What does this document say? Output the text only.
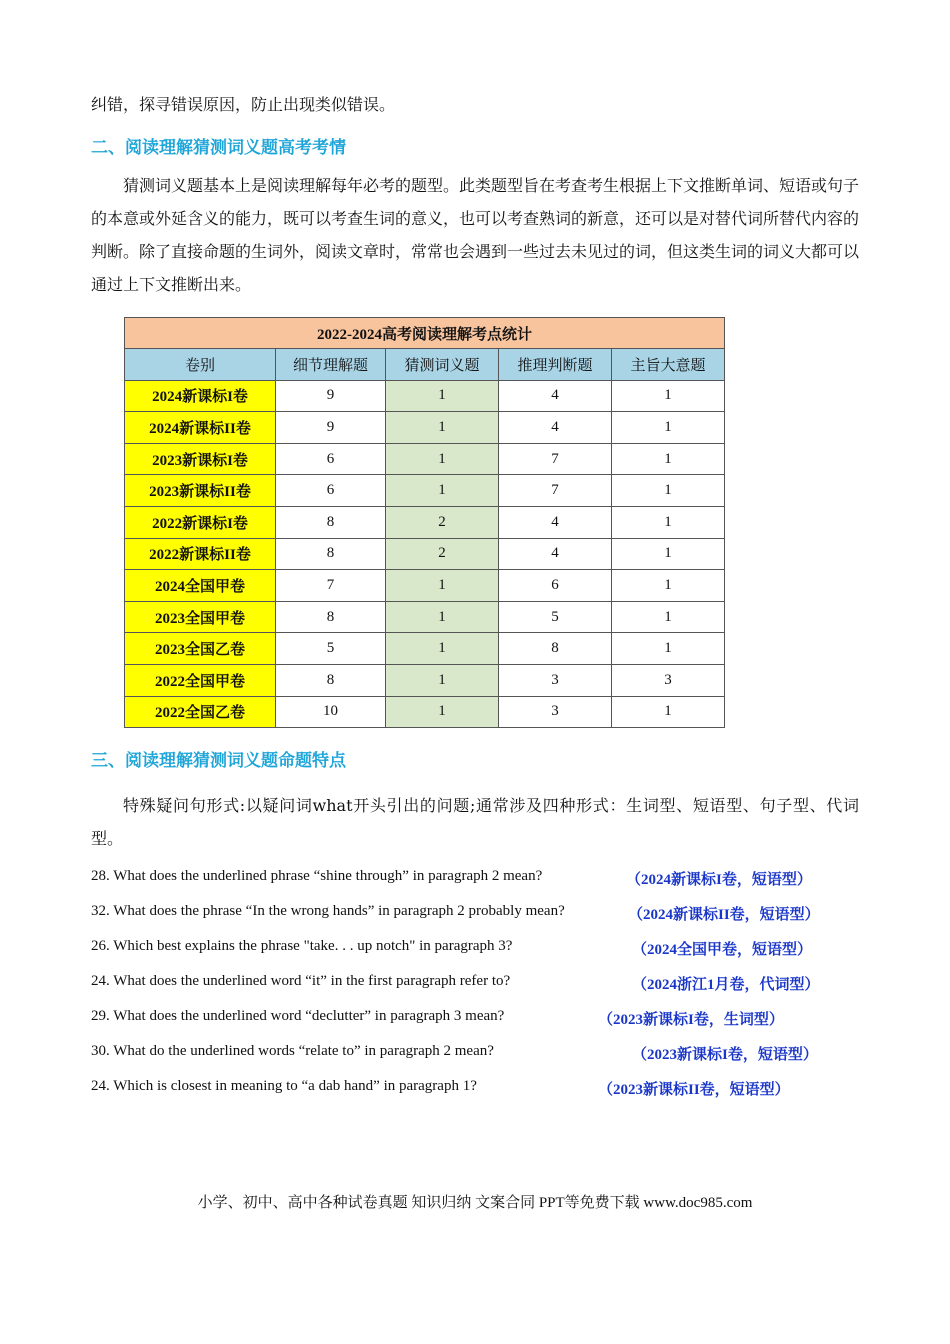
纠错，探寻错误原因，防止出现类似错误。

二、阅读理解猜测词义题高考考情

猜测词义题基本上是阅读理解每年必考的题型。此类题型旨在考查考生根据上下文推断单词、短语或句子的本意或外延含义的能力，既可以考查生词的意义，也可以考查熟词的新意，还可以是对替代词所替代内容的判断。除了直接命题的生词外，阅读文章时，常常也会遇到一些过去未见过的词，但这类生词的词义大都可以通过上下文推断出来。

2022-2024高考阅读理解考点统计				
卷别	细节理解题	猜测词义题	推理判断题	主旨大意题
2024新课标I卷	9	1	4	1
2024新课标II卷	9	1	4	1
2023新课标I卷	6	1	7	1
2023新课标II卷	6	1	7	1
2022新课标I卷	8	2	4	1
2022新课标II卷	8	2	4	1
2024全国甲卷	7	1	6	1
2023全国甲卷	8	1	5	1
2023全国乙卷	5	1	8	1
2022全国甲卷	8	1	3	3
2022全国乙卷	10	1	3	1
三、阅读理解猜测词义题命题特点

特殊疑问句形式:以疑问词what开头引出的问题;通常涉及四种形式：生词型、短语型、句子型、代词型。

28. What does the underlined phrase “shine through” in paragraph 2 mean?	（2024新课标I卷，短语型）

32. What does the phrase “In the wrong hands” in paragraph 2 probably mean?	（2024新课标II卷，短语型）

26. Which best explains the phrase "take. . . up notch" in paragraph 3?	（2024全国甲卷，短语型）

24. What does the underlined word “it” in the first paragraph refer to?	（2024浙江1月卷，代词型）

29. What does the underlined word “declutter” in paragraph 3 mean?	（2023新课标I卷，生词型）

30. What do the underlined words “relate to” in paragraph 2 mean?	（2023新课标I卷，短语型）

24. Which is closest in meaning to “a dab hand” in paragraph 1?	（2023新课标II卷，短语型）

小学、初中、高中各种试卷真题 知识归纳 文案合同 PPT等免费下载 www.doc985.com
